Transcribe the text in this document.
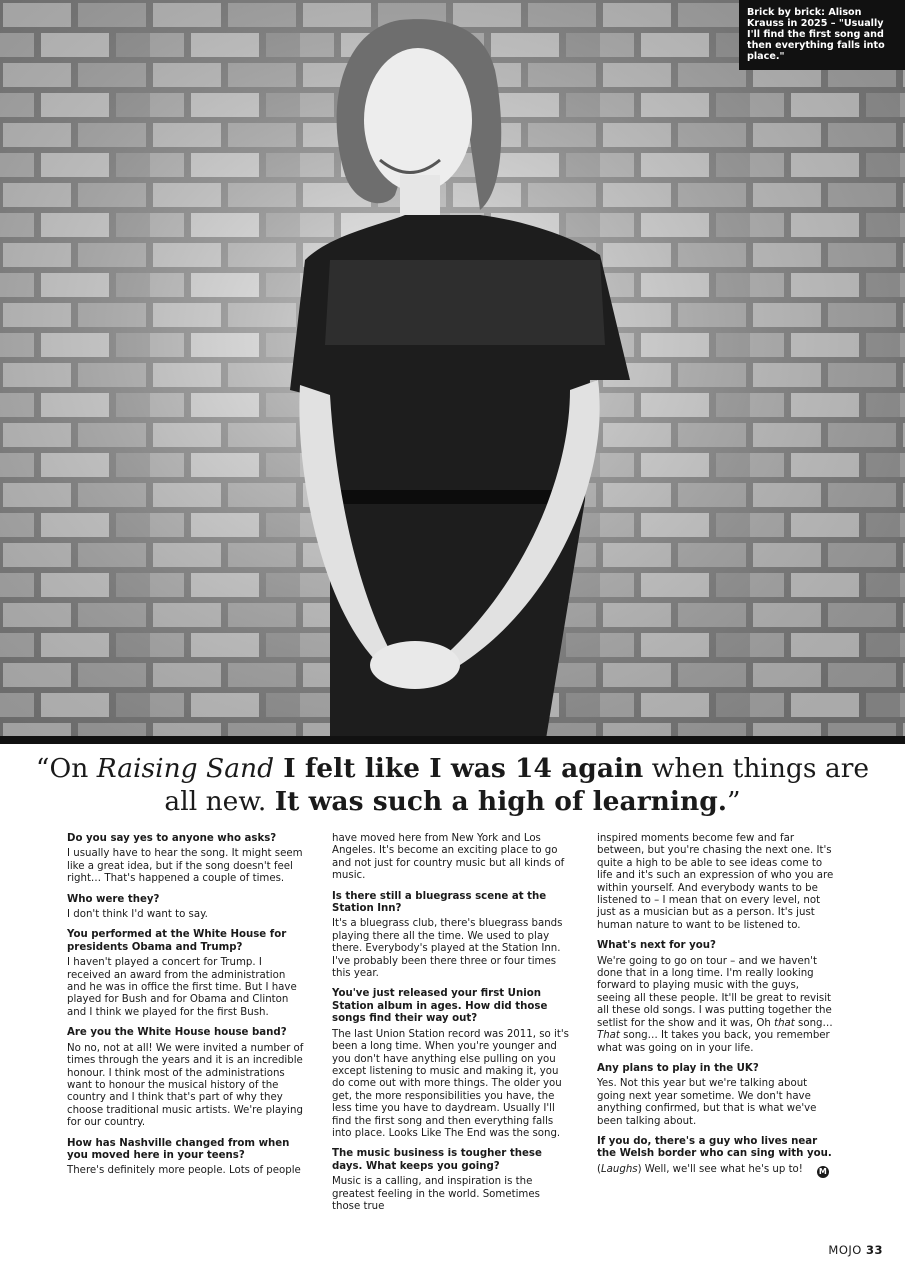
Brick by brick: Alison Krauss in 2025 – "Usually I'll find the first song and then everything falls into place."
“On Raising Sand I felt like I was 14 again when things are all new. It was such a high of learning.”

Do you say yes to anyone who asks?

I usually have to hear the song. It might seem like a great idea, but if the song doesn't feel right… That's happened a couple of times.

Who were they?

I don't think I'd want to say.

You performed at the White House for presidents Obama and Trump?

I haven't played a concert for Trump. I received an award from the administration and he was in office the first time. But I have played for Bush and for Obama and Clinton and I think we played for the first Bush.

Are you the White House house band?

No no, not at all! We were invited a number of times through the years and it is an incredible honour. I think most of the administrations want to honour the musical history of the country and I think that's part of why they choose traditional music artists. We're playing for our country.

How has Nashville changed from when you moved here in your teens?

There's definitely more people. Lots of people

have moved here from New York and Los Angeles. It's become an exciting place to go and not just for country music but all kinds of music.

Is there still a bluegrass scene at the Station Inn?

It's a bluegrass club, there's bluegrass bands playing there all the time. We used to play there. Everybody's played at the Station Inn. I've probably been there three or four times this year.

You've just released your first Union Station album in ages. How did those songs find their way out?

The last Union Station record was 2011, so it's been a long time. When you're younger and you don't have anything else pulling on you except listening to music and making it, you do come out with more things. The older you get, the more responsibilities you have, the less time you have to daydream. Usually I'll find the first song and then everything falls into place. Looks Like The End was the song.

The music business is tougher these days. What keeps you going?

Music is a calling, and inspiration is the greatest feeling in the world. Sometimes those true

inspired moments become few and far between, but you're chasing the next one. It's quite a high to be able to see ideas come to life and it's such an expression of who you are within yourself. And everybody wants to be listened to – I mean that on every level, not just as a musician but as a person. It's just human nature to want to be listened to.

What's next for you?

We're going to go on tour – and we haven't done that in a long time. I'm really looking forward to playing music with the guys, seeing all these people. It'll be great to revisit all these old songs. I was putting together the setlist for the show and it was, Oh that song… That song… It takes you back, you remember what was going on in your life.

Any plans to play in the UK?

Yes. Not this year but we're talking about going next year sometime. We don't have anything confirmed, but that is what we've been talking about.

If you do, there's a guy who lives near the Welsh border who can sing with you.

(Laughs) Well, we'll see what he's up to! M

MOJO 33
